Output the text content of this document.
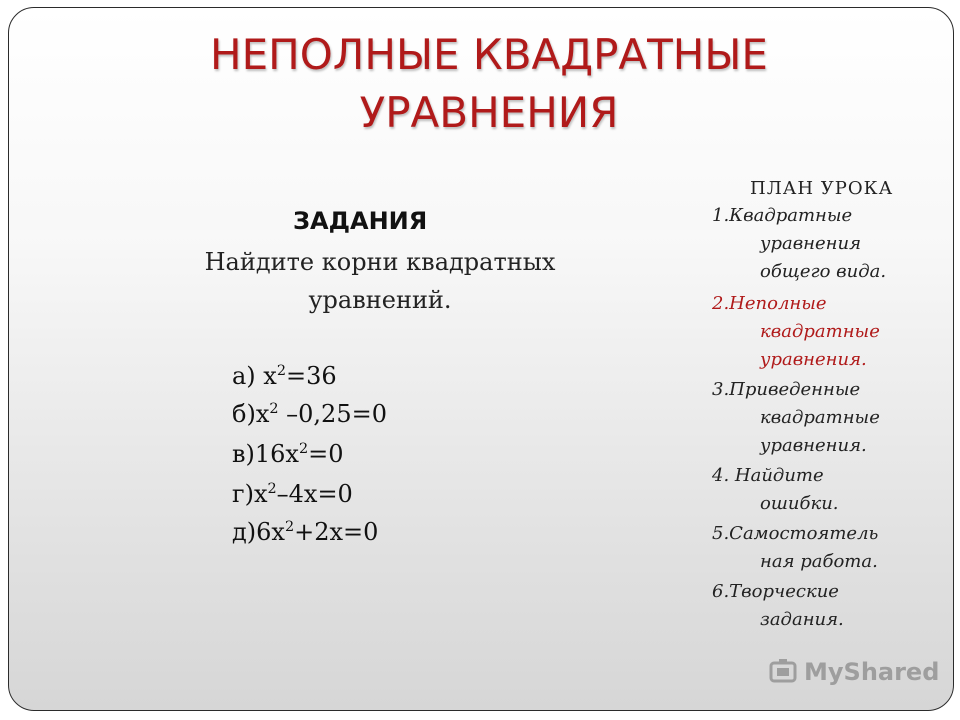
НЕПОЛНЫЕ КВАДРАТНЫЕ
УРАВНЕНИЯ
ЗАДАНИЯ
Найдите корни квадратных
уравнений.
а) $х^2=36$
$б)х^2$ –0,25=0
$в)16х^2=0$
$г)х^2-4х=0$
$д)6х^2+2х=0$
ПЛАН УРОКА
1.Квадратные
уравнения
общего вида.
2.Неполные
квадратные
уравнения.
3.Приведенные
квадратные
уравнения.
4. Найдите
ошибки.
5.Самостоятель
ная работа.
6.Творческие
задания.
MyShared
